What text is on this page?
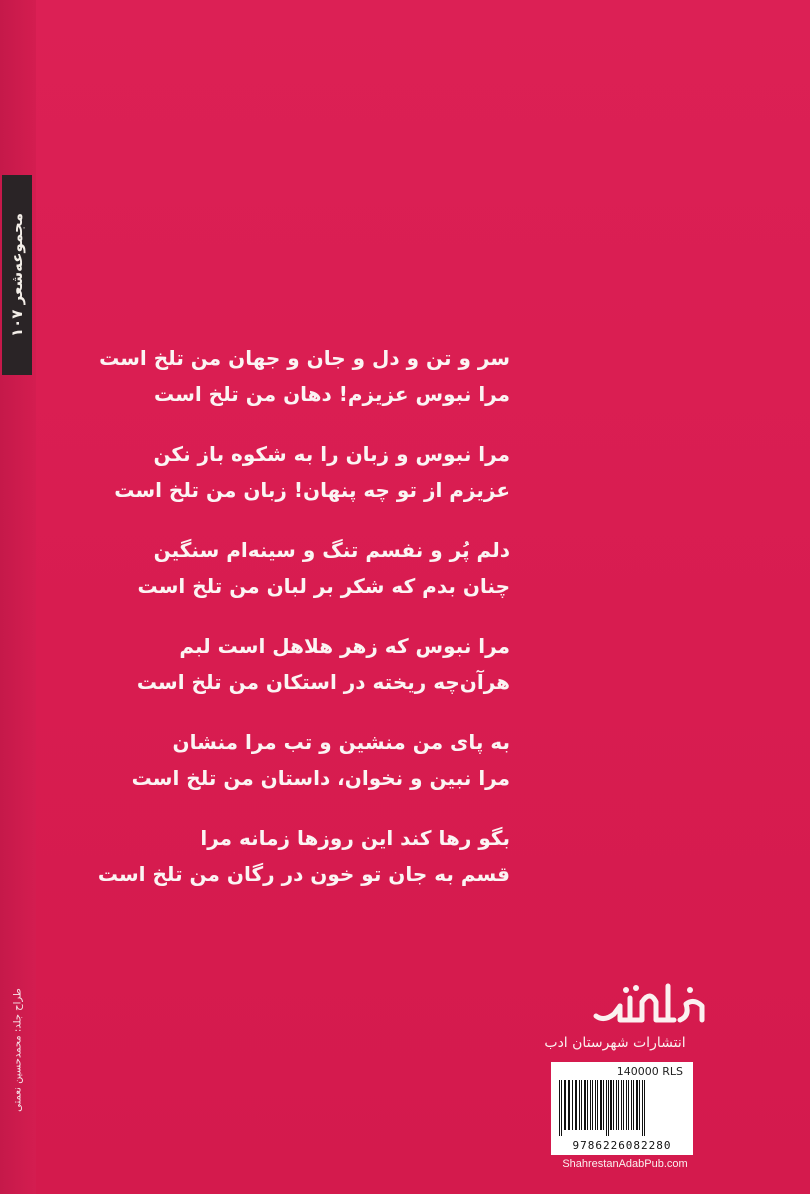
مجموعه‌شعر ۱۰۷
طراح جلد: محمدحسین نعمتی
سر و تن و دل و جان و جهان من تلخ است
مرا نبوس عزیزم! دهان من تلخ است
مرا نبوس و زبان را به شکوه باز نکن
عزیزم از تو چه پنهان! زبان من تلخ است
دلم پُر و نفسم تنگ و سینه‌ام سنگین
چنان بدم که شکر بر لبان من تلخ است
مرا نبوس که زهر هلاهل است لبم
هرآن‌چه ریخته در استکان من تلخ است
به پای من منشین و تب مرا منشان
مرا نبین و نخوان، داستان من تلخ است
بگو رها کند این روزها زمانه مرا
قسم به جان تو خون در رگان من تلخ است
انتشارات شهرستان ادب
140000 RLS
9786226082280
ShahrestanAdabPub.com
